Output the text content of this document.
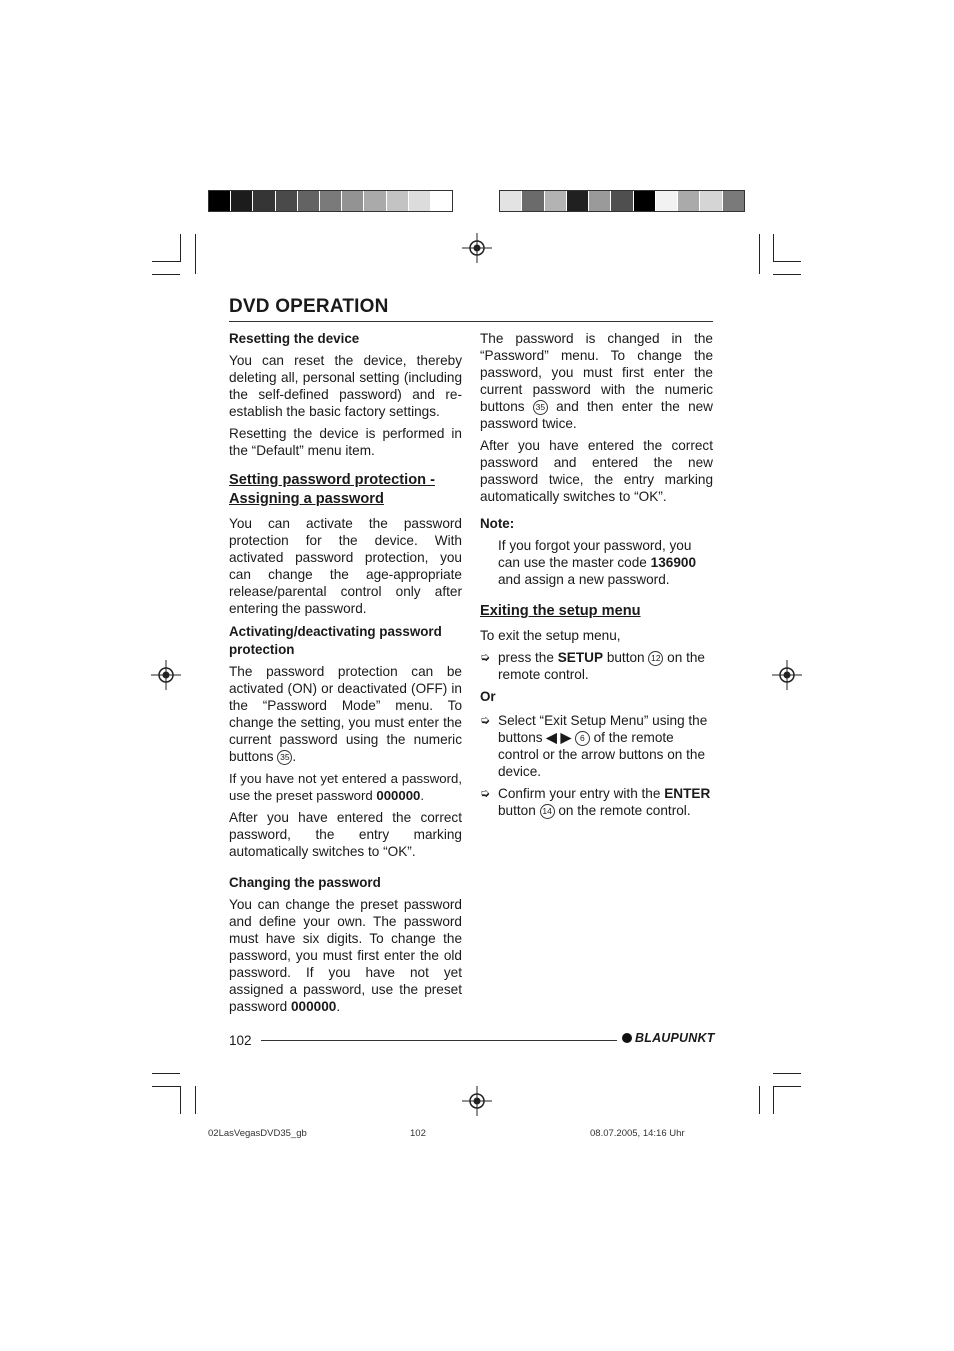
DVD OPERATION
Resetting the device

You can reset the device, thereby deleting all, personal setting (including the self-defined password) and re-establish the basic factory settings.

Resetting the device is performed in the “Default” menu item.

Setting password protection - Assigning a password

You can activate the password protection for the device. With activated password protection, you can change the age-appropriate release/parental control only after entering the password.

Activating/deactivating password protection

The password protection can be activated (ON) or deactivated (OFF) in the “Password Mode” menu. To change the setting, you must enter the current password using the numeric buttons 35 .

If you have not yet entered a password, use the preset password 000000.

After you have entered the correct password, the entry marking automatically switches to “OK”.

Changing the password

You can change the preset password and define your own. The password must have six digits. To change the password, you must first enter the old password. If you have not yet assigned a password, use the preset password 000000.

The password is changed in the “Password” menu. To change the password, you must first enter the current password with the numeric buttons 35 and then enter the new password twice.

After you have entered the correct password and entered the new password twice, the entry marking automatically switches to “OK”.

Note:

If you forgot your password, you can use the master code 136900 and assign a new password.

Exiting the setup menu

To exit the setup menu,

➭ press the SETUP button 12 on the remote control.
Or
➭ Select “Exit Setup Menu” using the buttons ◀ ▶ 6 of the remote control or the arrow buttons on the device.
➭ Confirm your entry with the ENTER button 14 on the remote control.
102	BLAUPUNKT
02LasVegasDVD35_gb	102	08.07.2005, 14:16 Uhr
